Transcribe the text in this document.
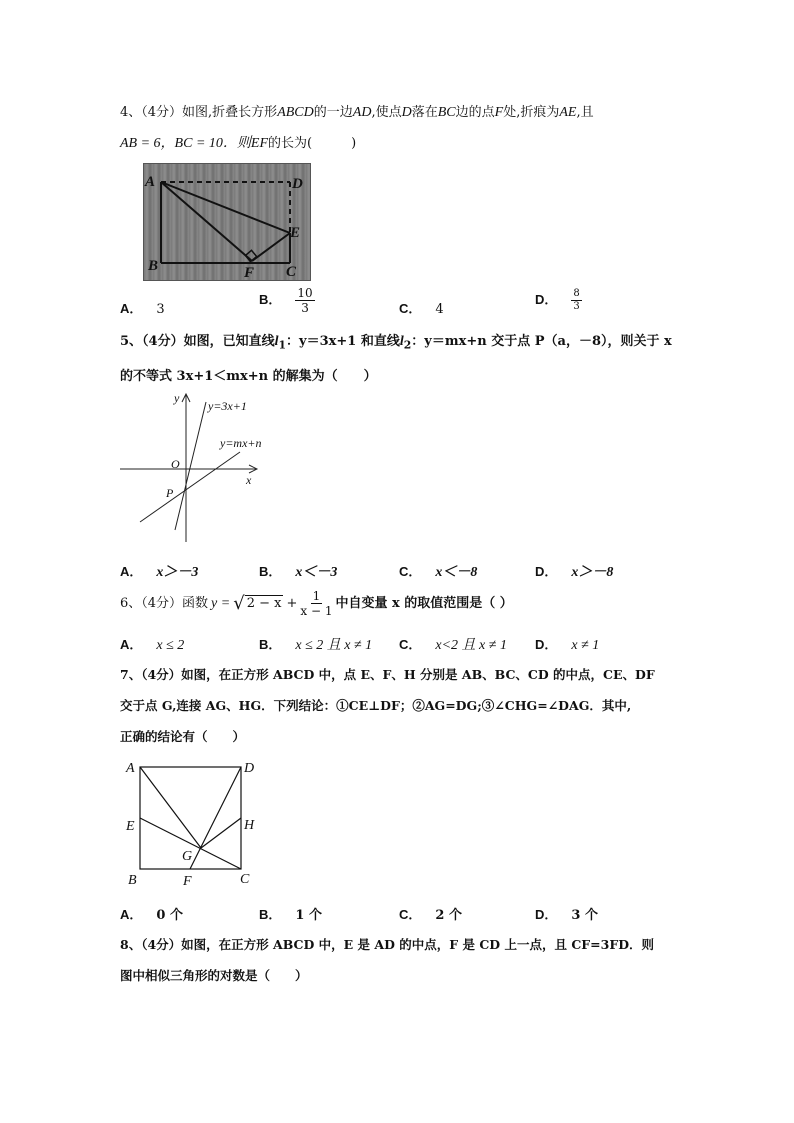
4、（4分）如图,折叠长方形ABCD的一边AD,使点D落在BC边的点F处,折痕为AE,且

AB = 6，BC = 10．则EF的长为(　　　)

A	D
E
B	F C
A． 3
B． $\frac{10}{3}$	C． 4
D． $\frac{8}{3}$

5、（4分）如图，已知直线$l_1$：y＝3x+1 和直线$l_2$：y＝mx+n 交于点 P（a，－8），则关于 x

的不等式 3x+1＜mx+n 的解集为（　　）

y
x
O
P
y=3x+1
y=mx+n
A． x＞－3	B． x＜－3	C． x＜－8	D． x＞－8

6、（4分）函数 y = √ $2 - x + \frac{1}{x - 1}$ 中自变量 x 的取值范围是（ ）

A． x ≤ 2	B． x ≤ 2 且 x ≠ 1 C． x<2 且 x ≠ 1 D． x ≠ 1

7、（4分）如图，在正方形 ABCD 中，点 E、F、H 分别是 AB、BC、CD 的中点，CE、DF

交于点 G,连接 AG、HG．下列结论：①CE⊥DF；②AG=DG;③∠CHG=∠DAG．其中,

正确的结论有（　　）

A	D
E	H
G
B	F	C
A． 0 个	B． 1 个	C． 2 个	D． 3 个

8、（4分）如图，在正方形 ABCD 中，E 是 AD 的中点，F 是 CD 上一点，且 CF=3FD．则

图中相似三角形的对数是（　　）
